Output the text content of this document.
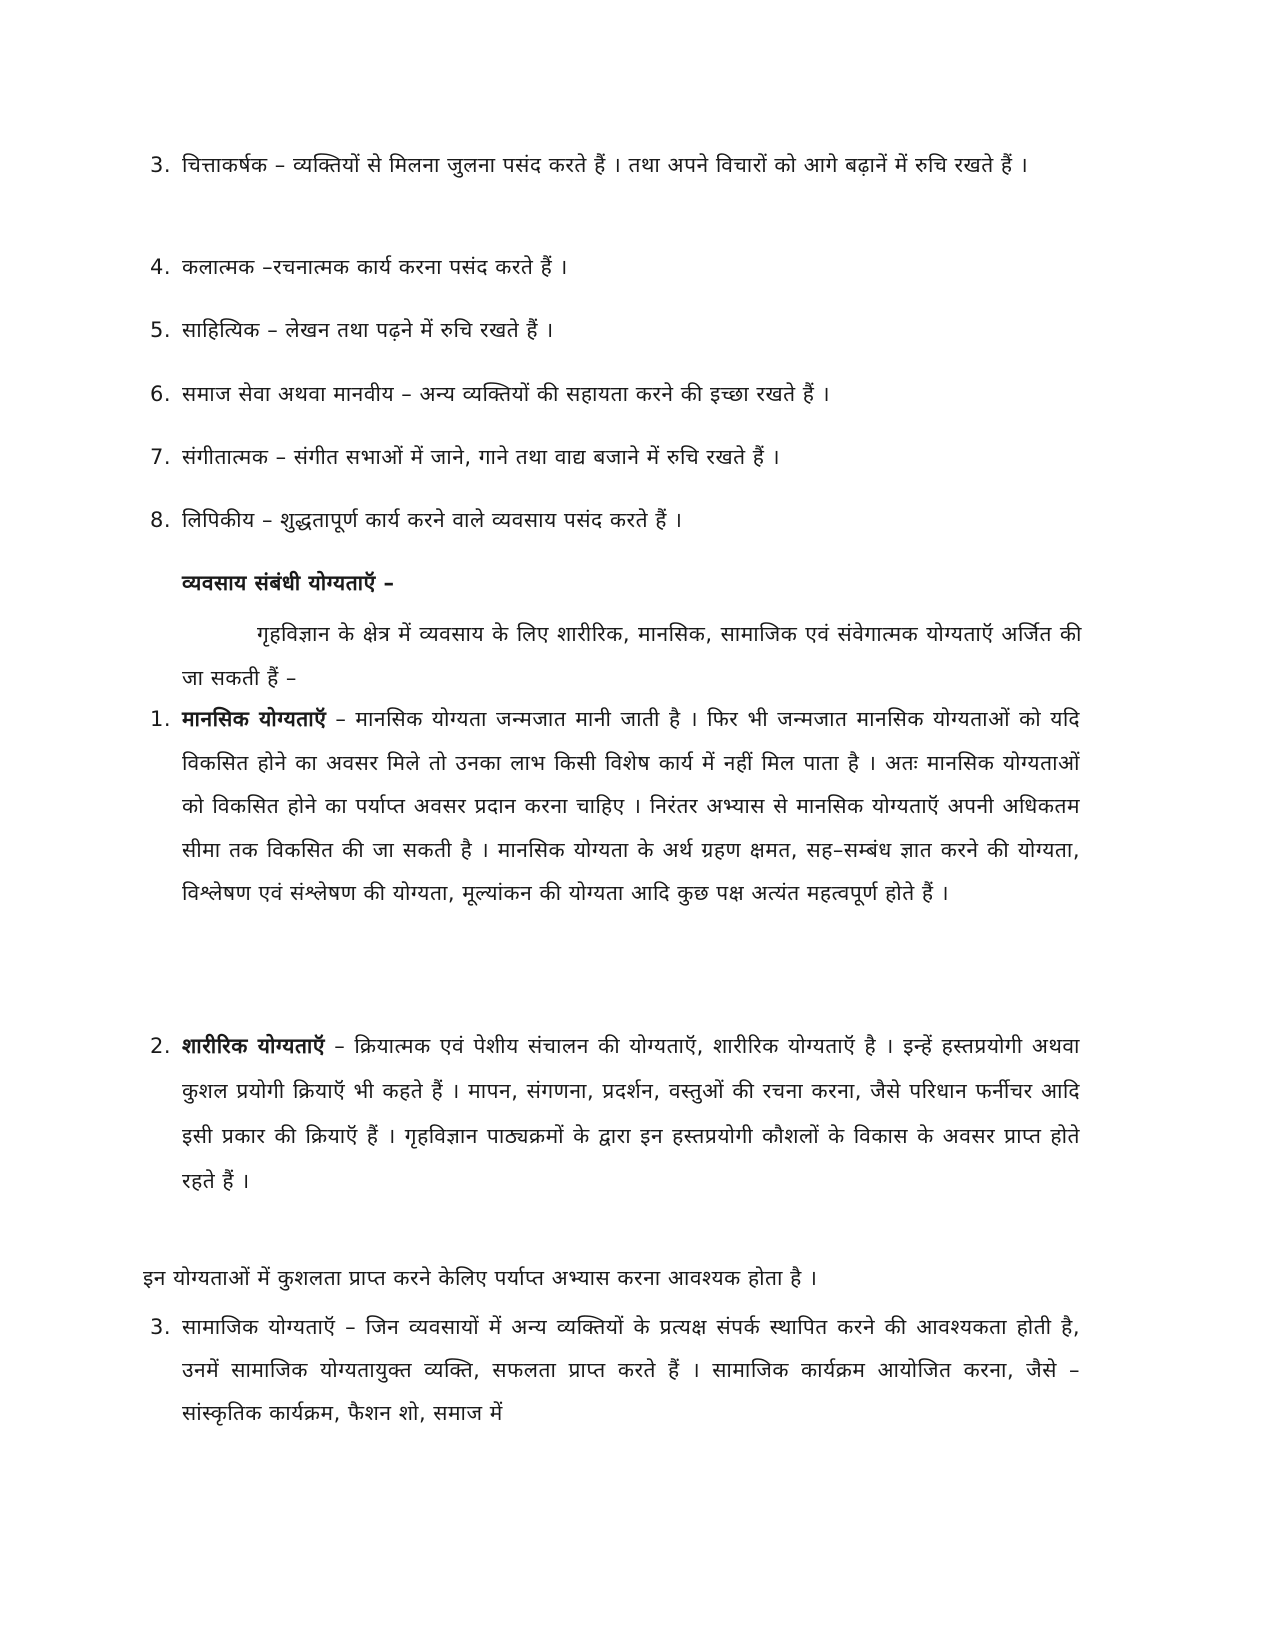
3. चित्ताकर्षक – व्यक्तियों से मिलना जुलना पसंद करते हैं । तथा अपने विचारों को आगे बढ़ानें में रुचि रखते हैं ।
4. कलात्मक –रचनात्मक कार्य करना पसंद करते हैं ।
5. साहित्यिक – लेखन तथा पढ़ने में रुचि रखते हैं ।
6. समाज सेवा अथवा मानवीय – अन्य व्यक्तियों की सहायता करने की इच्छा रखते हैं ।
7. संगीतात्मक – संगीत सभाओं में जाने, गाने तथा वाद्य बजाने में रुचि रखते हैं ।
8. लिपिकीय – शुद्धतापूर्ण कार्य करने वाले व्यवसाय पसंद करते हैं ।
व्यवसाय संबंधी योग्यताऍ –
गृहविज्ञान के क्षेत्र में व्यवसाय के लिए शारीरिक, मानसिक, सामाजिक एवं संवेगात्मक योग्यताऍ अर्जित की जा सकती हैं –
1. मानसिक योग्यताऍ – मानसिक योग्यता जन्मजात मानी जाती है । फिर भी जन्मजात मानसिक योग्यताओं को यदि विकसित होने का अवसर मिले तो उनका लाभ किसी विशेष कार्य में नहीं मिल पाता है । अतः मानसिक योग्यताओं को विकसित होने का पर्याप्त अवसर प्रदान करना चाहिए । निरंतर अभ्यास से मानसिक योग्यताऍ अपनी अधिकतम सीमा तक विकसित की जा सकती है । मानसिक योग्यता के अर्थ ग्रहण क्षमत, सह–सम्बंध ज्ञात करने की योग्यता, विश्लेषण एवं संश्लेषण की योग्यता, मूल्यांकन की योग्यता आदि कुछ पक्ष अत्यंत महत्वपूर्ण होते हैं ।
2. शारीरिक योग्यताऍ – क्रियात्मक एवं पेशीय संचालन की योग्यताऍ, शारीरिक योग्यताऍ है । इन्हें हस्तप्रयोगी अथवा कुशल प्रयोगी क्रियाऍ भी कहते हैं । मापन, संगणना, प्रदर्शन, वस्तुओं की रचना करना, जैसे परिधान फर्नीचर आदि इसी प्रकार की क्रियाऍ हैं । गृहविज्ञान पाठ्यक्रमों के द्वारा इन हस्तप्रयोगी कौशलों के विकास के अवसर प्राप्त होते रहते हैं ।
इन योग्यताओं में कुशलता प्राप्त करने केलिए पर्याप्त अभ्यास करना आवश्यक होता है ।
3. सामाजिक योग्यताऍ – जिन व्यवसायों में अन्य व्यक्तियों के प्रत्यक्ष संपर्क स्थापित करने की आवश्यकता होती है, उनमें सामाजिक योग्यतायुक्त व्यक्ति, सफलता प्राप्त करते हैं । सामाजिक कार्यक्रम आयोजित करना, जैसे – सांस्कृतिक कार्यक्रम, फैशन शो, समाज में
